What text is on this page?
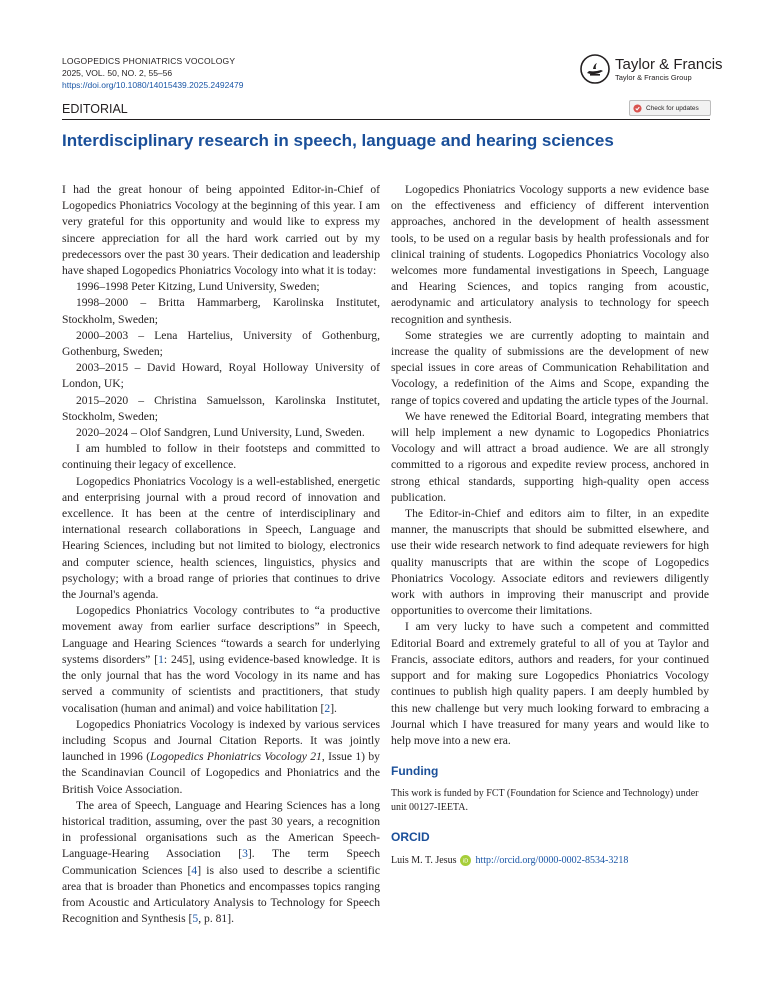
LOGOPEDICS PHONIATRICS VOCOLOGY
2025, VOL. 50, NO. 2, 55–56
https://doi.org/10.1080/14015439.2025.2492479
Taylor & Francis
Taylor & Francis Group
EDITORIAL	Check for updates
Interdisciplinary research in speech, language and hearing sciences

I had the great honour of being appointed Editor-in-Chief of Logopedics Phoniatrics Vocology at the beginning of this year. I am very grateful for this opportunity and would like to express my sincere appreciation for all the hard work carried out by my predecessors over the past 30 years. Their dedication and leadership have shaped Logopedics Phoniatrics Vocology into what it is today:

1996–1998 Peter Kitzing, Lund University, Sweden;

1998–2000 – Britta Hammarberg, Karolinska Institutet, Stockholm, Sweden;

2000–2003 – Lena Hartelius, University of Gothenburg, Gothenburg, Sweden;

2003–2015 – David Howard, Royal Holloway University of London, UK;

2015–2020 – Christina Samuelsson, Karolinska Institutet, Stockholm, Sweden;

2020–2024 – Olof Sandgren, Lund University, Lund, Sweden.

I am humbled to follow in their footsteps and committed to continuing their legacy of excellence.

Logopedics Phoniatrics Vocology is a well-established, energetic and enterprising journal with a proud record of innovation and excellence. It has been at the centre of interdisciplinary and international research collaborations in Speech, Language and Hearing Sciences, including but not limited to biology, electronics and computer science, health sciences, linguistics, physics and psychology; with a broad range of priories that continues to drive the Journal's agenda.

Logopedics Phoniatrics Vocology contributes to “a productive movement away from earlier surface descriptions” in Speech, Language and Hearing Sciences “towards a search for underlying systems disorders” [1: 245], using evidence-based knowledge. It is the only journal that has the word Vocology in its name and has served a community of scientists and practitioners, that study vocalisation (human and animal) and voice habilitation [2].

Logopedics Phoniatrics Vocology is indexed by various services including Scopus and Journal Citation Reports. It was jointly launched in 1996 (Logopedics Phoniatrics Vocology 21, Issue 1) by the Scandinavian Council of Logopedics and Phoniatrics and the British Voice Association.

The area of Speech, Language and Hearing Sciences has a long historical tradition, assuming, over the past 30 years, a recognition in professional organisations such as the American Speech-Language-Hearing Association [3]. The term Speech Communication Sciences [4] is also used to describe a scientific area that is broader than Phonetics and encompasses topics ranging from Acoustic and Articulatory Analysis to Technology for Speech Recognition and Synthesis [5, p. 81].

Logopedics Phoniatrics Vocology supports a new evidence base on the effectiveness and efficiency of different intervention approaches, anchored in the development of health assessment tools, to be used on a regular basis by health professionals and for clinical training of students. Logopedics Phoniatrics Vocology also welcomes more fundamental investigations in Speech, Language and Hearing Sciences, and topics ranging from acoustic, aerodynamic and articulatory analysis to technology for speech recognition and synthesis.

Some strategies we are currently adopting to maintain and increase the quality of submissions are the development of new special issues in core areas of Communication Rehabilitation and Vocology, a redefinition of the Aims and Scope, expanding the range of topics covered and updating the article types of the Journal.

We have renewed the Editorial Board, integrating members that will help implement a new dynamic to Logopedics Phoniatrics Vocology and will attract a broad audience. We are all strongly committed to a rigorous and expedite review process, anchored in strong ethical standards, supporting high-quality open access publication.

The Editor-in-Chief and editors aim to filter, in an expedite manner, the manuscripts that should be submitted elsewhere, and use their wide research network to find adequate reviewers for high quality manuscripts that are within the scope of Logopedics Phoniatrics Vocology. Associate editors and reviewers diligently work with authors in improving their manuscript and provide opportunities to overcome their limitations.

I am very lucky to have such a competent and committed Editorial Board and extremely grateful to all of you at Taylor and Francis, associate editors, authors and readers, for your continued support and for making sure Logopedics Phoniatrics Vocology continues to publish high quality papers. I am deeply humbled by this new challenge but very much looking forward to embracing a Journal which I have treasured for many years and would like to help move into a new era.

Funding
This work is funded by FCT (Foundation for Science and Technology) under unit 00127-IEETA.
ORCID
Luis M. T. Jesus iD http://orcid.org/0000-0002-8534-3218
